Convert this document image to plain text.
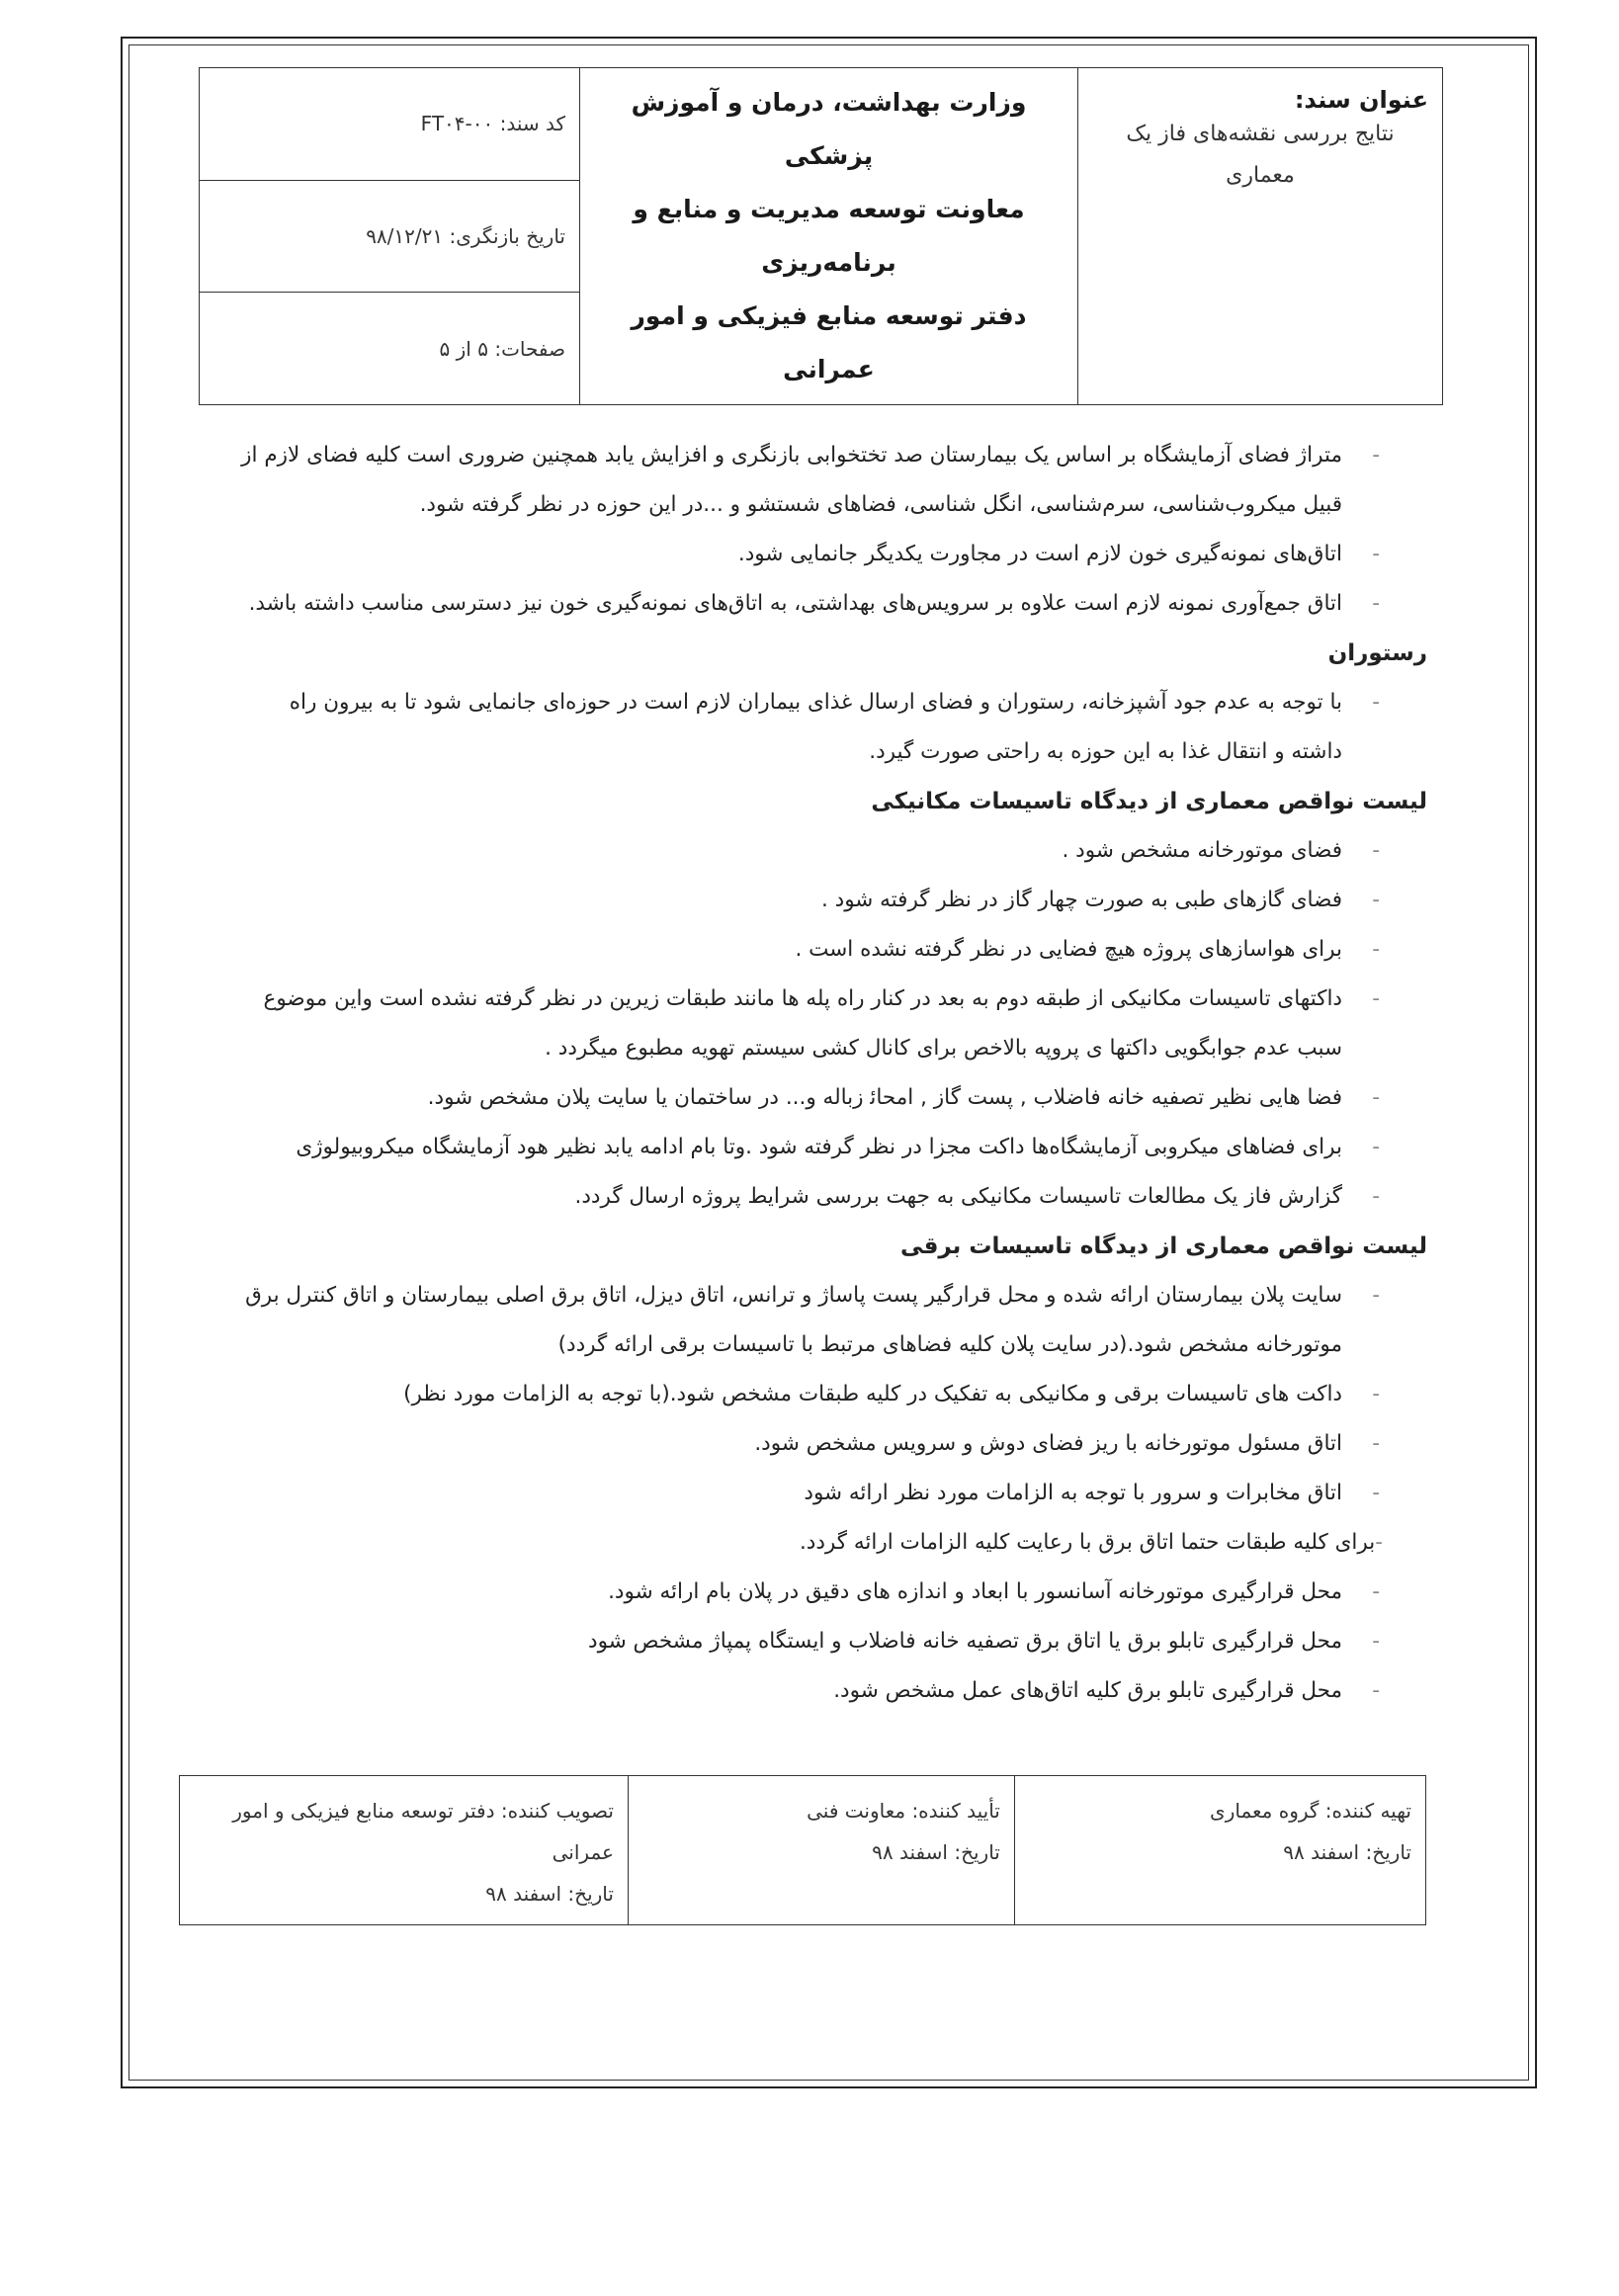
عنوان سند:
نتایج بررسی نقشه‌های فاز یک معماری

وزارت بهداشت، درمان و آموزش پزشکی
معاونت توسعه مدیریت و منابع و برنامه‌ریزی
دفتر توسعه منابع فیزیکی و امور عمرانی
	کد سند: FT۰۴-۰۰
تاریخ بازنگری: ۹۸/۱۲/۲۱
صفحات: ۵ از ۵
-
متراژ فضای آزمایشگاه بر اساس یک بیمارستان صد تختخوابی بازنگری و افزایش یابد همچنین ضروری است کلیه فضای لازم از قبیل میکروب‌شناسی، سرم‌شناسی، انگل شناسی، فضاهای شستشو و ...در این حوزه در نظر گرفته شود.
-
اتاق‌های نمونه‌گیری خون لازم است در مجاورت یکدیگر جانمایی شود.
-
اتاق جمع‌آوری نمونه لازم است علاوه بر سرویس‌های بهداشتی، به اتاق‌های نمونه‌گیری خون نیز دسترسی مناسب داشته باشد.
رستوران
-
با توجه به عدم جود آشپزخانه، رستوران و فضای ارسال غذای بیماران لازم است در حوزه‌ای جانمایی شود تا به بیرون راه داشته و انتقال غذا به این حوزه به راحتی صورت گیرد.
لیست نواقص معماری از دیدگاه تاسیسات مکانیکی
-
فضای موتورخانه مشخص شود .
-
فضای گازهای طبی به صورت چهار گاز در نظر گرفته شود .
-
برای هواسازهای پروژه هیچ فضایی در نظر گرفته نشده است .
-
داکتهای تاسیسات مکانیکی از طبقه دوم به بعد در کنار راه پله ها مانند طبقات زیرین در نظر گرفته نشده است واین موضوع سبب عدم جوابگویی داکتها ی پروپه بالاخص برای کانال کشی سیستم تهویه مطبوع میگردد .
-
فضا هایی نظیر تصفیه خانه فاضلاب , پست گاز , امحاﺋ زباله و... در ساختمان یا سایت پلان مشخص شود.
-
برای فضاهای میکروبی آزمایشگاه‌ها داکت مجزا در نظر گرفته شود .وتا بام ادامه یابد نظیر هود آزمایشگاه میکروبیولوژی
-
گزارش فاز یک مطالعات تاسیسات مکانیکی به جهت بررسی شرایط پروژه ارسال گردد.
لیست نواقص معماری از دیدگاه تاسیسات برقی
-
سایت پلان بیمارستان ارائه شده و محل قرارگیر پست پاساژ و ترانس، اتاق دیزل، اتاق برق اصلی بیمارستان و اتاق کنترل برق موتورخانه مشخص شود.(در سایت پلان کلیه فضاهای مرتبط با تاسیسات برقی ارائه گردد)
-
داکت های تاسیسات برقی و مکانیکی به تفکیک در کلیه طبقات مشخص شود.(با توجه به الزامات مورد نظر)
-
اتاق مسئول موتورخانه با ریز فضای دوش و سرویس مشخص شود.
-
اتاق مخابرات و سرور با توجه به الزامات مورد نظر ارائه شود
-برای کلیه طبقات حتما اتاق برق با رعایت کلیه الزامات ارائه گردد.
-
محل قرارگیری موتورخانه آسانسور با ابعاد و اندازه های دقیق در پلان بام ارائه شود.
-
محل قرارگیری تابلو برق یا اتاق برق تصفیه خانه فاضلاب و ایستگاه پمپاژ مشخص شود
-
محل قرارگیری تابلو برق کلیه اتاق‌های عمل مشخص شود.
تهیه کننده: گروه معماری
تاریخ: اسفند ۹۸

تأیید کننده: معاونت فنی
تاریخ: اسفند ۹۸

تصویب کننده: دفتر توسعه منابع فیزیکی و امور عمرانی
تاریخ: اسفند ۹۸
